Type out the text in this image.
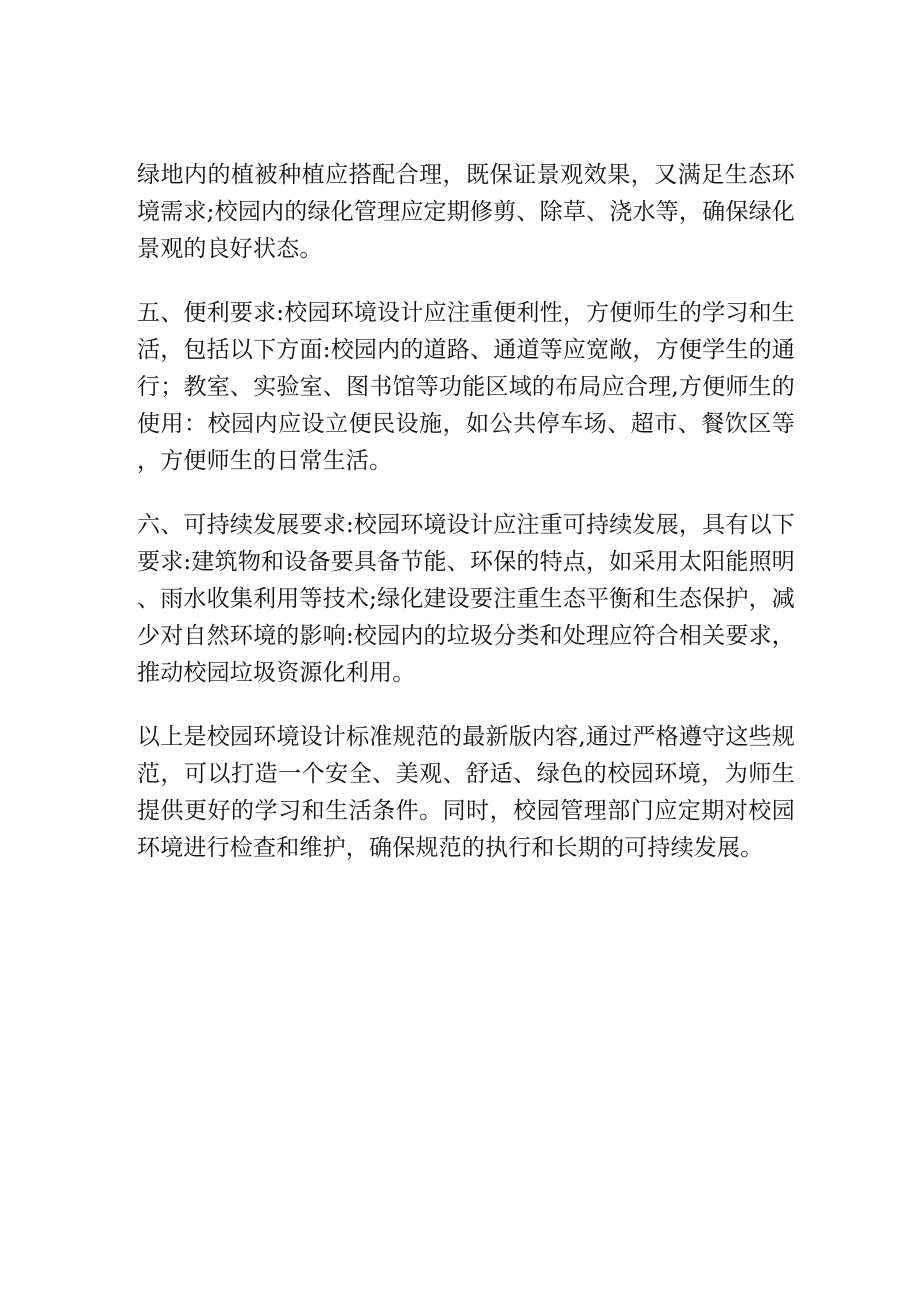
绿地内的植被种植应搭配合理，既保证景观效果，又满足生态环境需求;校园内的绿化管理应定期修剪、除草、浇水等，确保绿化景观的良好状态。

五、便利要求:校园环境设计应注重便利性，方便师生的学习和生活，包括以下方面:校园内的道路、通道等应宽敞，方便学生的通行；教室、实验室、图书馆等功能区域的布局应合理,方便师生的使用：校园内应设立便民设施，如公共停车场、超市、餐饮区等，方便师生的日常生活。

六、可持续发展要求:校园环境设计应注重可持续发展，具有以下要求:建筑物和设备要具备节能、环保的特点，如采用太阳能照明、雨水收集利用等技术;绿化建设要注重生态平衡和生态保护，减少对自然环境的影响:校园内的垃圾分类和处理应符合相关要求，推动校园垃圾资源化利用。

以上是校园环境设计标准规范的最新版内容,通过严格遵守这些规范，可以打造一个安全、美观、舒适、绿色的校园环境，为师生提供更好的学习和生活条件。同时，校园管理部门应定期对校园环境进行检查和维护，确保规范的执行和长期的可持续发展。
